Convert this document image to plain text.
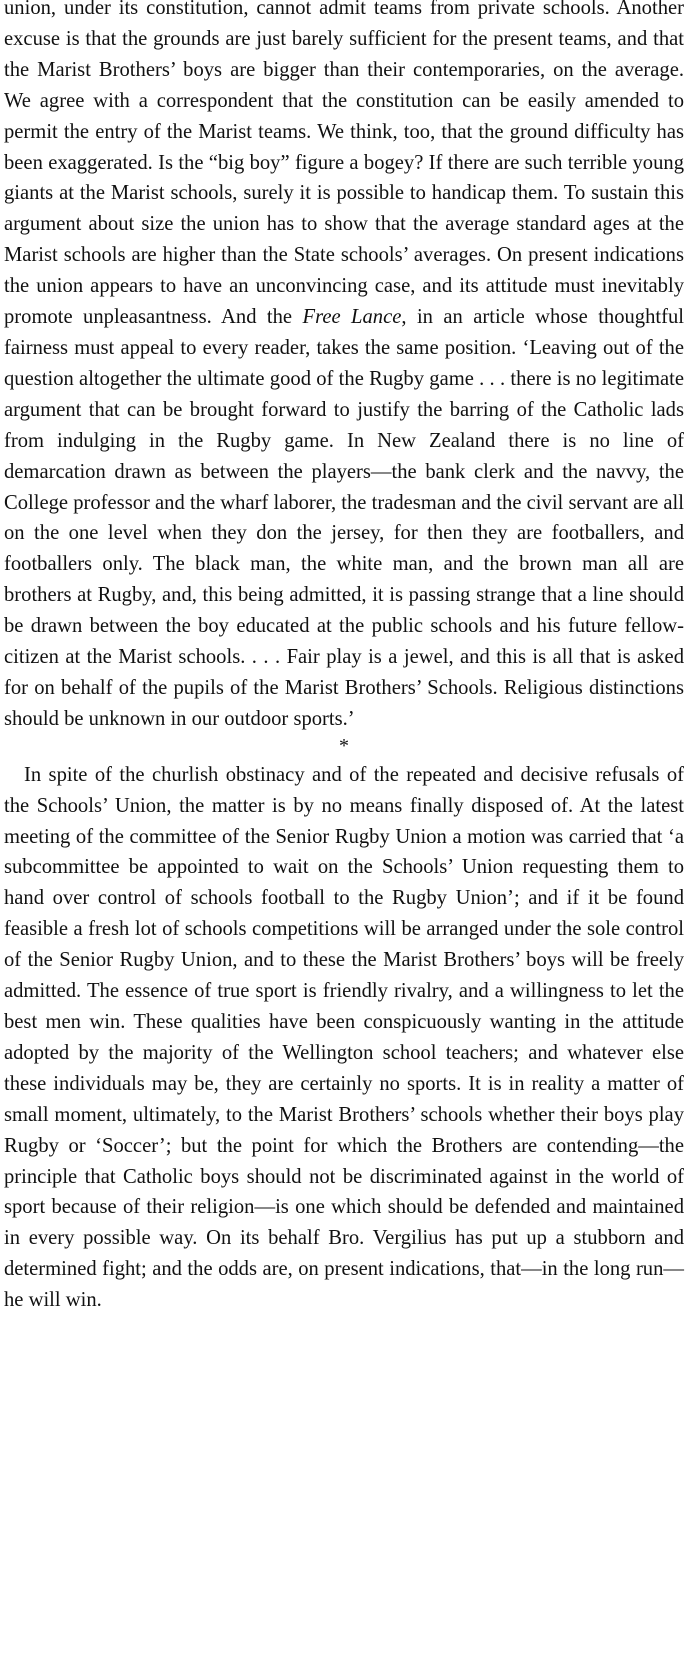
union, under its constitution, cannot admit teams from private schools. Another excuse is that the grounds are just barely sufficient for the present teams, and that the Marist Brothers’ boys are bigger than their contemporaries, on the average. We agree with a correspondent that the constitution can be easily amended to permit the entry of the Marist teams. We think, too, that the ground difficulty has been exaggerated. Is the “big boy” figure a bogey? If there are such terrible young giants at the Marist schools, surely it is possible to handicap them. To sustain this argument about size the union has to show that the average standard ages at the Marist schools are higher than the State schools’ averages. On present indications the union appears to have an unconvincing case, and its attitude must inevitably promote unpleasantness. And the Free Lance, in an article whose thoughtful fairness must appeal to every reader, takes the same position. ‘Leaving out of the question altogether the ultimate good of the Rugby game . . . there is no legitimate argument that can be brought forward to justify the barring of the Catholic lads from indulging in the Rugby game. In New Zealand there is no line of demarcation drawn as between the players—the bank clerk and the navvy, the College professor and the wharf laborer, the tradesman and the civil servant are all on the one level when they don the jersey, for then they are footballers, and footballers only. The black man, the white man, and the brown man all are brothers at Rugby, and, this being admitted, it is passing strange that a line should be drawn between the boy educated at the public schools and his future fellow-citizen at the Marist schools. . . . Fair play is a jewel, and this is all that is asked for on behalf of the pupils of the Marist Brothers’ Schools. Religious distinctions should be unknown in our outdoor sports.’

*

In spite of the churlish obstinacy and of the repeated and decisive refusals of the Schools’ Union, the matter is by no means finally disposed of. At the latest meeting of the committee of the Senior Rugby Union a motion was carried that ‘a subcommittee be appointed to wait on the Schools’ Union requesting them to hand over control of schools football to the Rugby Union’; and if it be found feasible a fresh lot of schools competitions will be arranged under the sole control of the Senior Rugby Union, and to these the Marist Brothers’ boys will be freely admitted. The essence of true sport is friendly rivalry, and a willingness to let the best men win. These qualities have been conspicuously wanting in the attitude adopted by the majority of the Wellington school teachers; and whatever else these individuals may be, they are certainly no sports. It is in reality a matter of small moment, ultimately, to the Marist Brothers’ schools whether their boys play Rugby or ‘Soccer’; but the point for which the Brothers are contending—the principle that Catholic boys should not be discriminated against in the world of sport because of their religion—is one which should be defended and maintained in every possible way. On its behalf Bro. Vergilius has put up a stubborn and determined fight; and the odds are, on present indications, that—in the long run—he will win.
